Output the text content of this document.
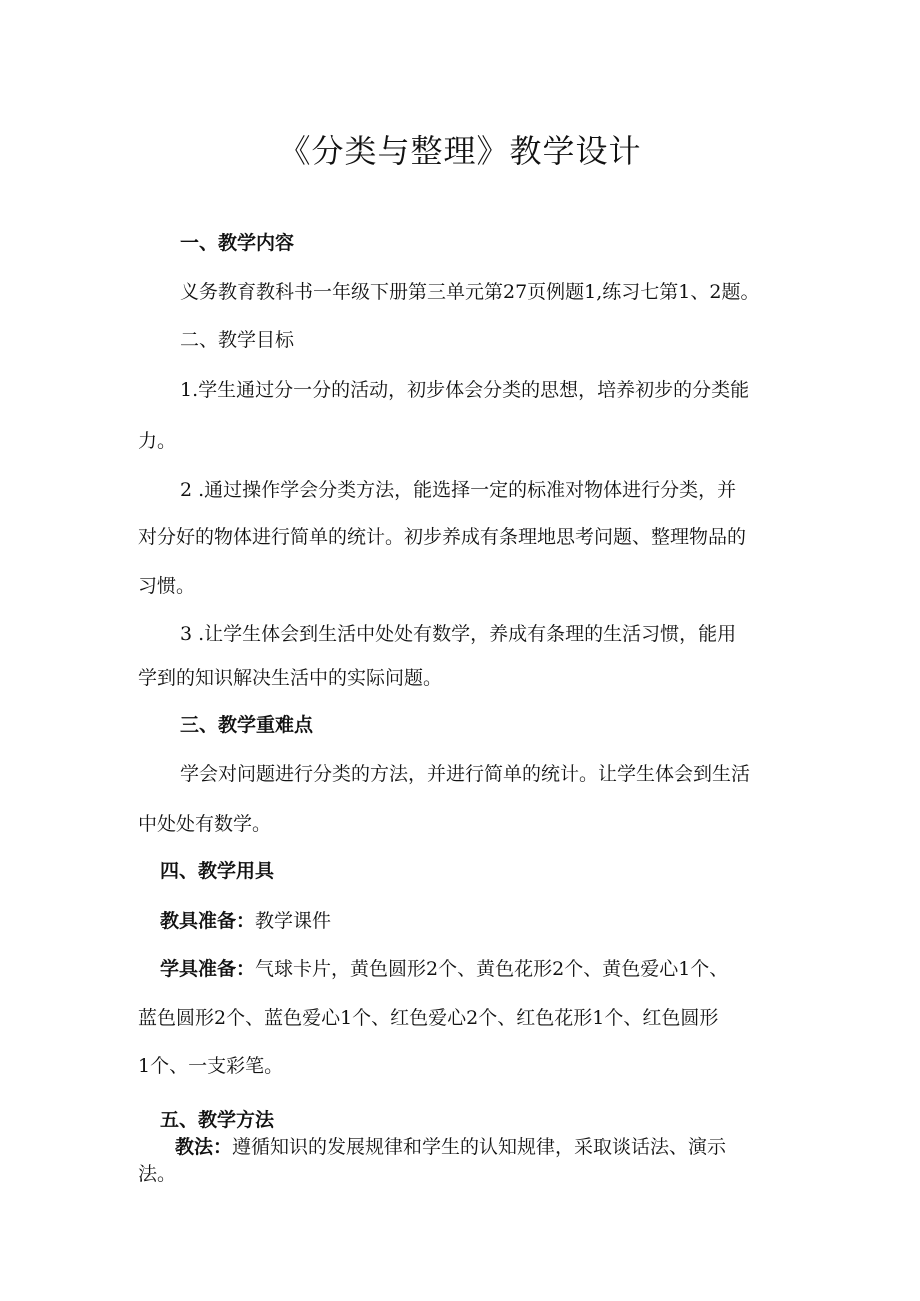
《分类与整理》教学设计
一、教学内容
义务教育教科书一年级下册第三单元第27页例题1,练习七第1、2题。
二、教学目标
1.学生通过分一分的活动，初步体会分类的思想，培养初步的分类能
力。
2 .通过操作学会分类方法，能选择一定的标准对物体进行分类，并
对分好的物体进行简单的统计。初步养成有条理地思考问题、整理物品的
习惯。
3 .让学生体会到生活中处处有数学，养成有条理的生活习惯，能用
学到的知识解决生活中的实际问题。
三、教学重难点
学会对问题进行分类的方法，并进行简单的统计。让学生体会到生活
中处处有数学。
四、教学用具
教具准备：教学课件
学具准备：气球卡片，黄色圆形2个、黄色花形2个、黄色爱心1个、
蓝色圆形2个、蓝色爱心1个、红色爱心2个、红色花形1个、红色圆形
1个、一支彩笔。
五、教学方法
教法：遵循知识的发展规律和学生的认知规律，采取谈话法、演示
法。
